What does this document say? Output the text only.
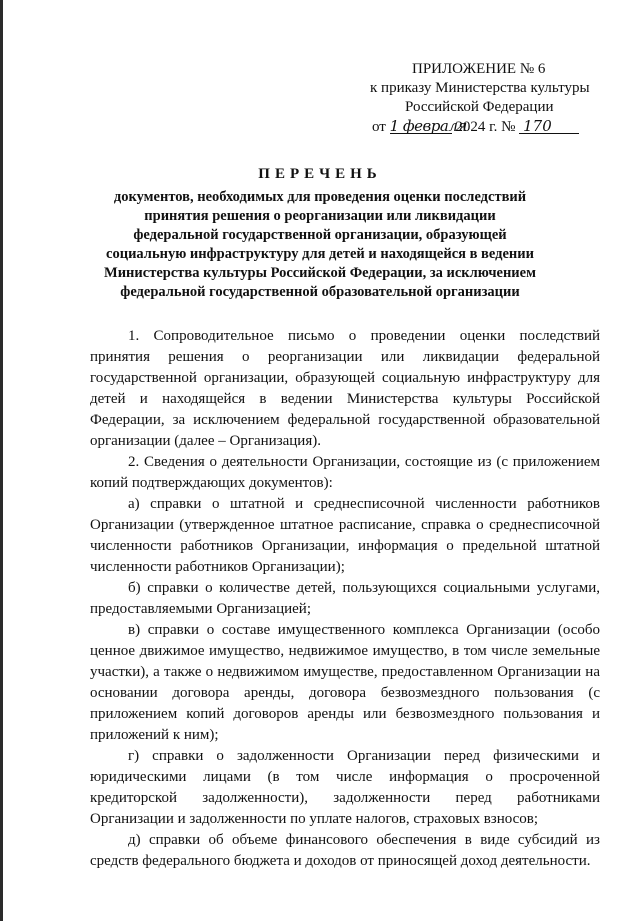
ПРИЛОЖЕНИЕ № 6
к приказу Министерства культуры
Российской Федерации
от 1 февраля 2024 г. № 170
ПЕРЕЧЕНЬ
документов, необходимых для проведения оценки последствий принятия решения о реорганизации или ликвидации федеральной государственной организации, образующей социальную инфраструктуру для детей и находящейся в ведении Министерства культуры Российской Федерации, за исключением федеральной государственной образовательной организации

1. Сопроводительное письмо о проведении оценки последствий принятия решения о реорганизации или ликвидации федеральной государственной организации, образующей социальную инфраструктуру для детей и находящейся в ведении Министерства культуры Российской Федерации, за исключением федеральной государственной образовательной организации (далее – Организация).

2. Сведения о деятельности Организации, состоящие из (с приложением копий подтверждающих документов):

а) справки о штатной и среднесписочной численности работников Организации (утвержденное штатное расписание, справка о среднесписочной численности работников Организации, информация о предельной штатной численности работников Организации);

б) справки о количестве детей, пользующихся социальными услугами, предоставляемыми Организацией;

в) справки о составе имущественного комплекса Организации (особо ценное движимое имущество, недвижимое имущество, в том числе земельные участки), а также о недвижимом имуществе, предоставленном Организации на основании договора аренды, договора безвозмездного пользования (с приложением копий договоров аренды или безвозмездного пользования и приложений к ним);

г) справки о задолженности Организации перед физическими и юридическими лицами (в том числе информация о просроченной кредиторской задолженности), задолженности перед работниками Организации и задолженности по уплате налогов, страховых взносов;

д) справки об объеме финансового обеспечения в виде субсидий из средств федерального бюджета и доходов от приносящей доход деятельности.
